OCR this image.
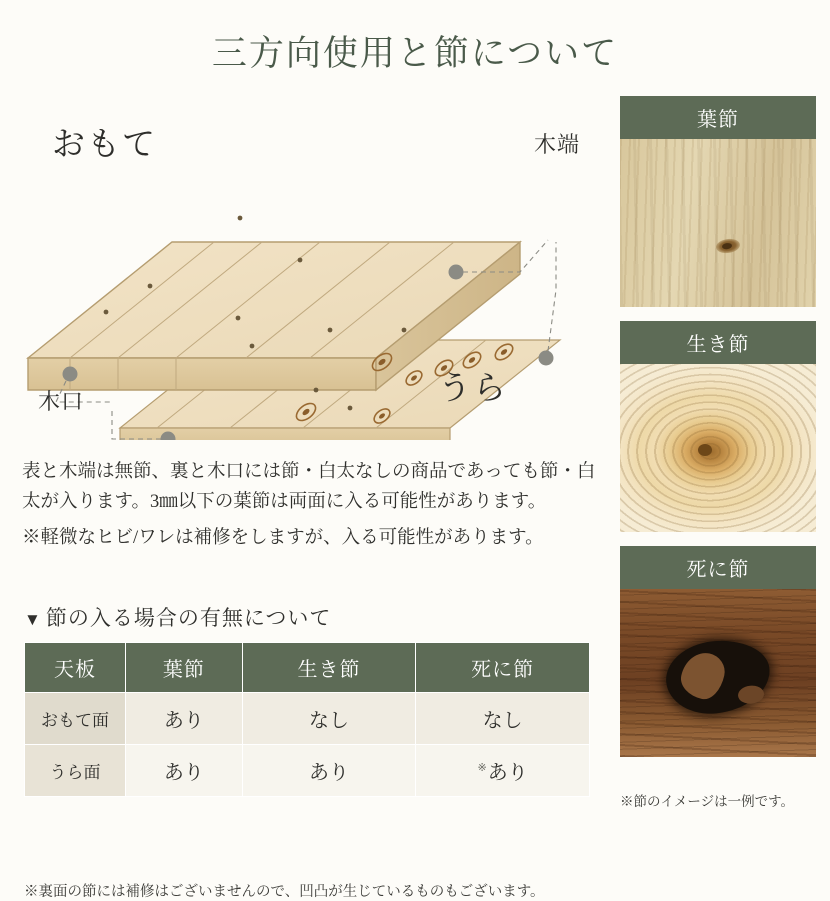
三方向使用と節について
おもて
うら
木端
木口

表と木端は無節、裏と木口には節・白太なしの商品であっても節・白太が入ります。3㎜以下の葉節は両面に入る可能性があります。

※軽微なヒビ/ワレは補修をしますが、入る可能性があります。

▼ 節の入る場合の有無について
天板	葉節	生き節	死に節
おもて面	あり	なし	なし
うら面	あり	あり	※あり
※裏面の節には補修はございませんので、凹凸が生じているものもございます。
葉節
生き節
死に節
※節のイメージは一例です。
